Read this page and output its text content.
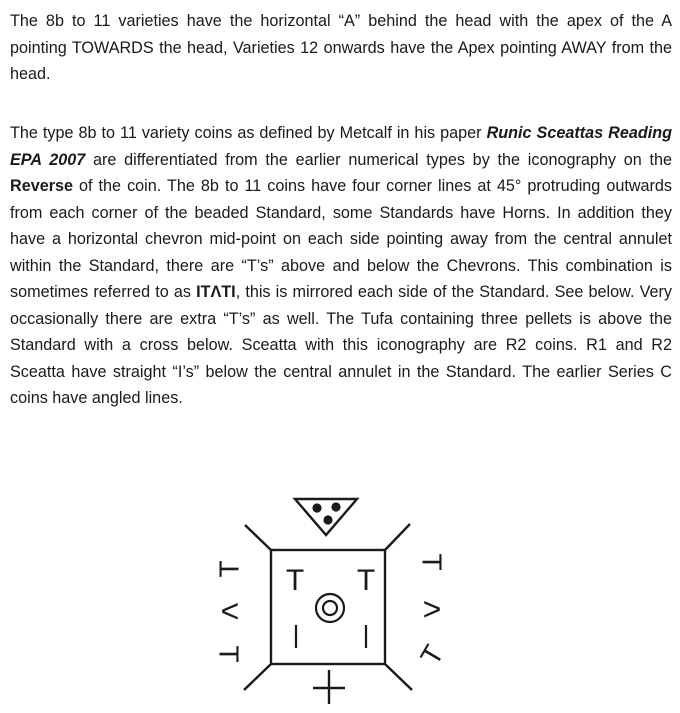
The 8b to 11 varieties have the horizontal “A” behind the head with the apex of the A pointing TOWARDS the head, Varieties 12 onwards have the Apex pointing AWAY from the head.

The type 8b to 11 variety coins as defined by Metcalf in his paper Runic Sceattas Reading EPA 2007 are differentiated from the earlier numerical types by the iconography on the Reverse of the coin. The 8b to 11 coins have four corner lines at 45° protruding outwards from each corner of the beaded Standard, some Standards have Horns. In addition they have a horizontal chevron mid-point on each side pointing away from the central annulet within the Standard, there are “T’s” above and below the Chevrons. This combination is sometimes referred to as ITΛTI, this is mirrored each side of the Standard. See below. Very occasionally there are extra “T’s” as well. The Tufa containing three pellets is above the Standard with a cross below. Sceatta with this iconography are R2 coins. R1 and R2 Sceatta have straight “I’s” below the central annulet in the Standard. The earlier Series C coins have angled lines.

T T
T
<
T
T
>
T
